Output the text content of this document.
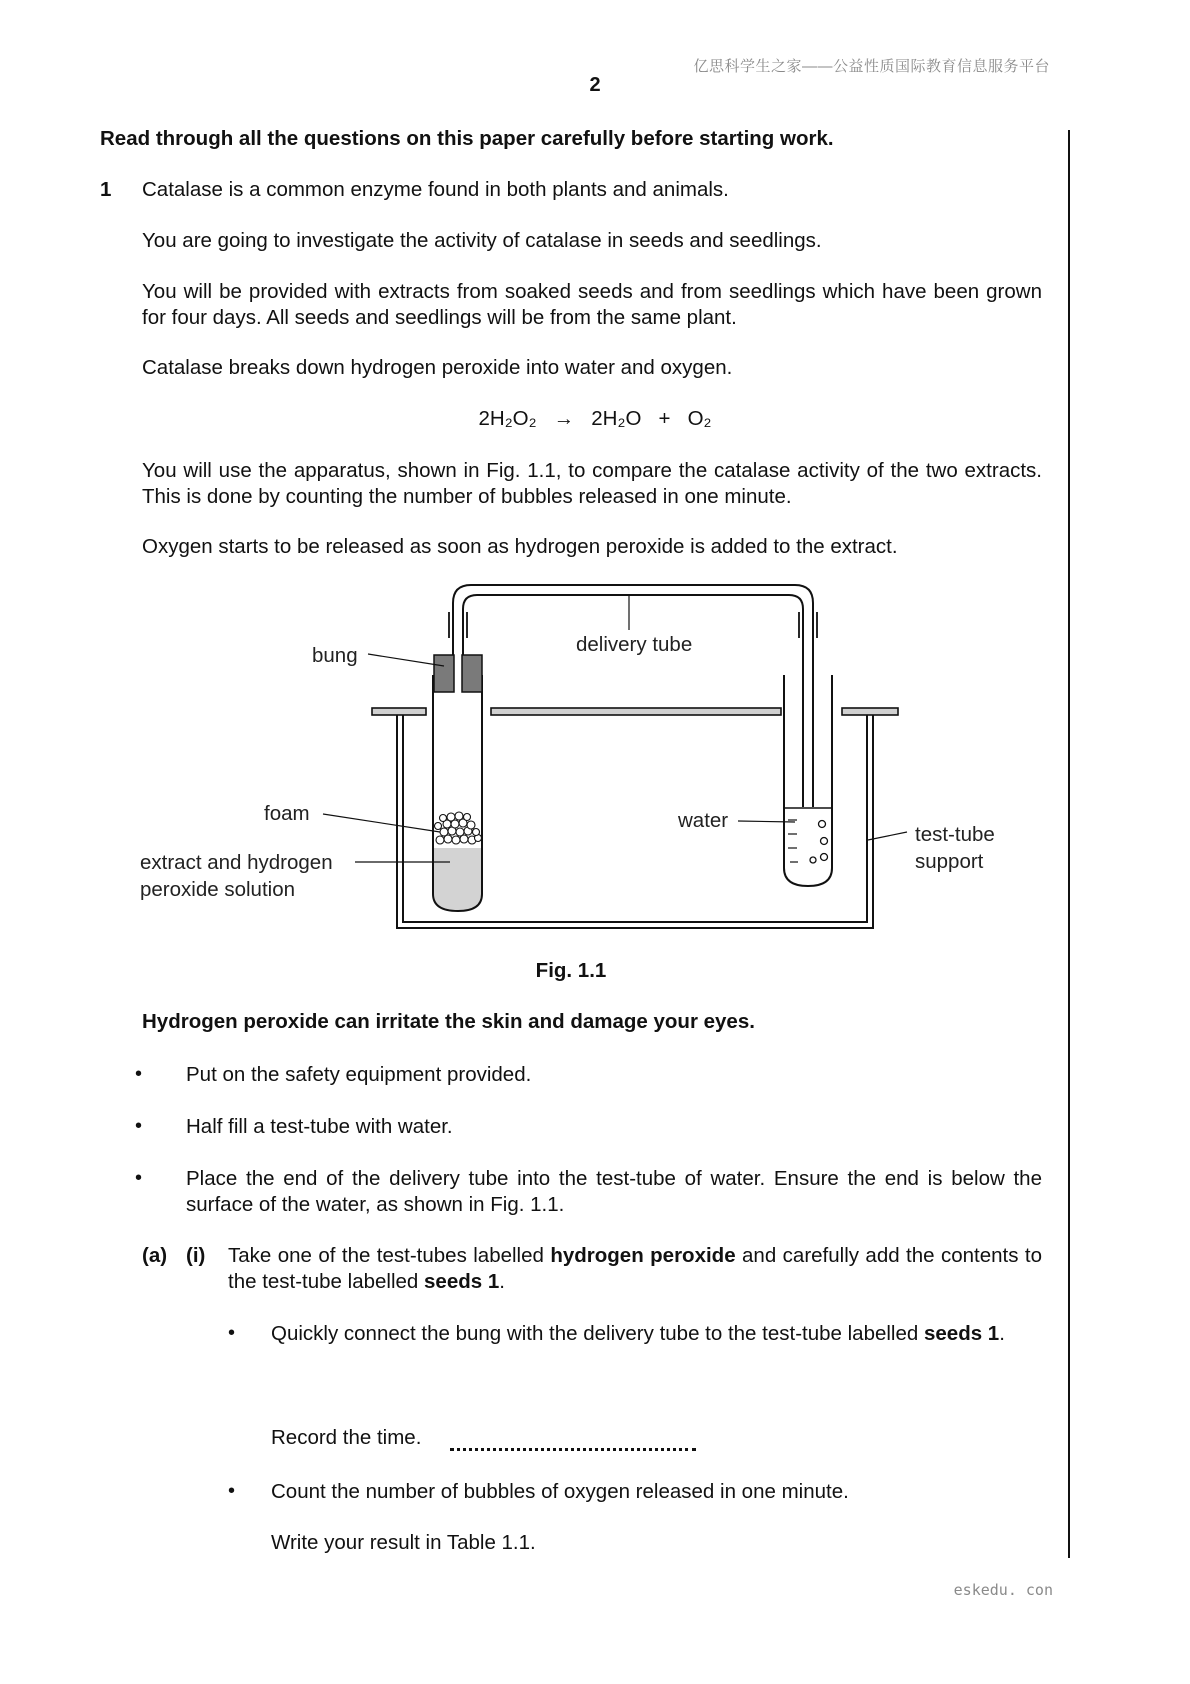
亿思科学生之家——公益性质国际教育信息服务平台
2
Read through all the questions on this paper carefully before starting work.
1 Catalase is a common enzyme found in both plants and animals.
You are going to investigate the activity of catalase in seeds and seedlings.
You will be provided with extracts from soaked seeds and from seedlings which have been grown for four days. All seeds and seedlings will be from the same plant.
Catalase breaks down hydrogen peroxide into water and oxygen.
2H₂O₂ → 2H₂O + O₂
You will use the apparatus, shown in Fig. 1.1, to compare the catalase activity of the two extracts. This is done by counting the number of bubbles released in one minute.
Oxygen starts to be released as soon as hydrogen peroxide is added to the extract.
bung	delivery tube
foam
extract and hydrogen
peroxide solution
water
test-tube
support
Fig. 1.1
Hydrogen peroxide can irritate the skin and damage your eyes.
• Put on the safety equipment provided.
• Half fill a test-tube with water.
• Place the end of the delivery tube into the test-tube of water. Ensure the end is below the surface of the water, as shown in Fig. 1.1.
(a) (i) Take one of the test-tubes labelled hydrogen peroxide and carefully add the contents to the test-tube labelled seeds 1.
• Quickly connect the bung with the delivery tube to the test-tube labelled seeds 1.
Record the time.
• Count the number of bubbles of oxygen released in one minute.
Write your result in Table 1.1.
eskedu. con
